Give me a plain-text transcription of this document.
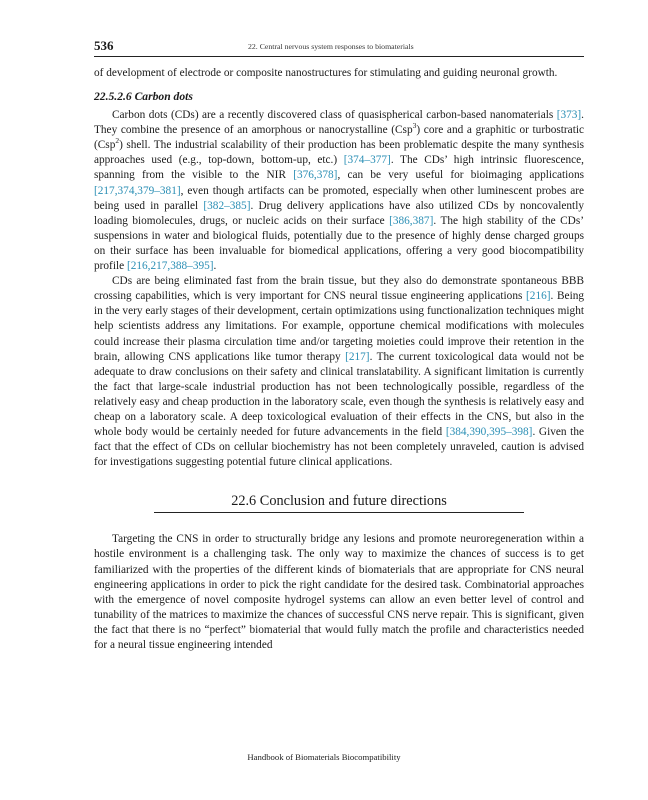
536	22. Central nervous system responses to biomaterials

of development of electrode or composite nanostructures for stimulating and guiding neuronal growth.

22.5.2.6 Carbon dots

Carbon dots (CDs) are a recently discovered class of quasispherical carbon-based nanomaterials [373]. They combine the presence of an amorphous or nanocrystalline (Csp$^3$) core and a graphitic or turbostratic (Csp$^2$) shell. The industrial scalability of their production has been problematic despite the many synthesis approaches used (e.g., top-down, bottom-up, etc.) [374–377]. The CDs’ high intrinsic fluorescence, spanning from the visible to the NIR [376,378], can be very useful for bioimaging applications [217,374,379–381], even though artifacts can be promoted, especially when other luminescent probes are being used in parallel [382–385]. Drug delivery applications have also utilized CDs by noncovalently loading biomolecules, drugs, or nucleic acids on their surface [386,387]. The high stability of the CDs’ suspensions in water and biological fluids, potentially due to the presence of highly dense charged groups on their surface has been invaluable for biomedical applications, offering a very good biocompatibility profile [216,217,388–395].

CDs are being eliminated fast from the brain tissue, but they also do demonstrate spontaneous BBB crossing capabilities, which is very important for CNS neural tissue engineering applications [216]. Being in the very early stages of their development, certain optimizations using functionalization techniques might help scientists address any limitations. For example, opportune chemical modifications with molecules could increase their plasma circulation time and/or targeting moieties could improve their retention in the brain, allowing CNS applications like tumor therapy [217]. The current toxicological data would not be adequate to draw conclusions on their safety and clinical translatability. A significant limitation is currently the fact that large-scale industrial production has not been technologically possible, regardless of the relatively easy and cheap production in the laboratory scale, even though the synthesis is relatively easy and cheap on a laboratory scale. A deep toxicological evaluation of their effects in the CNS, but also in the whole body would be certainly needed for future advancements in the field [384,390,395–398]. Given the fact that the effect of CDs on cellular biochemistry has not been completely unraveled, caution is advised for investigations suggesting potential future clinical applications.

22.6 Conclusion and future directions

Targeting the CNS in order to structurally bridge any lesions and promote neuroregeneration within a hostile environment is a challenging task. The only way to maximize the chances of success is to get familiarized with the properties of the different kinds of biomaterials that are appropriate for CNS neural engineering applications in order to pick the right candidate for the desired task. Combinatorial approaches with the emergence of novel composite hydrogel systems can allow an even better level of control and tunability of the matrices to maximize the chances of successful CNS nerve repair. This is significant, given the fact that there is no “perfect” biomaterial that would fully match the profile and characteristics needed for a neural tissue engineering intended

Handbook of Biomaterials Biocompatibility
